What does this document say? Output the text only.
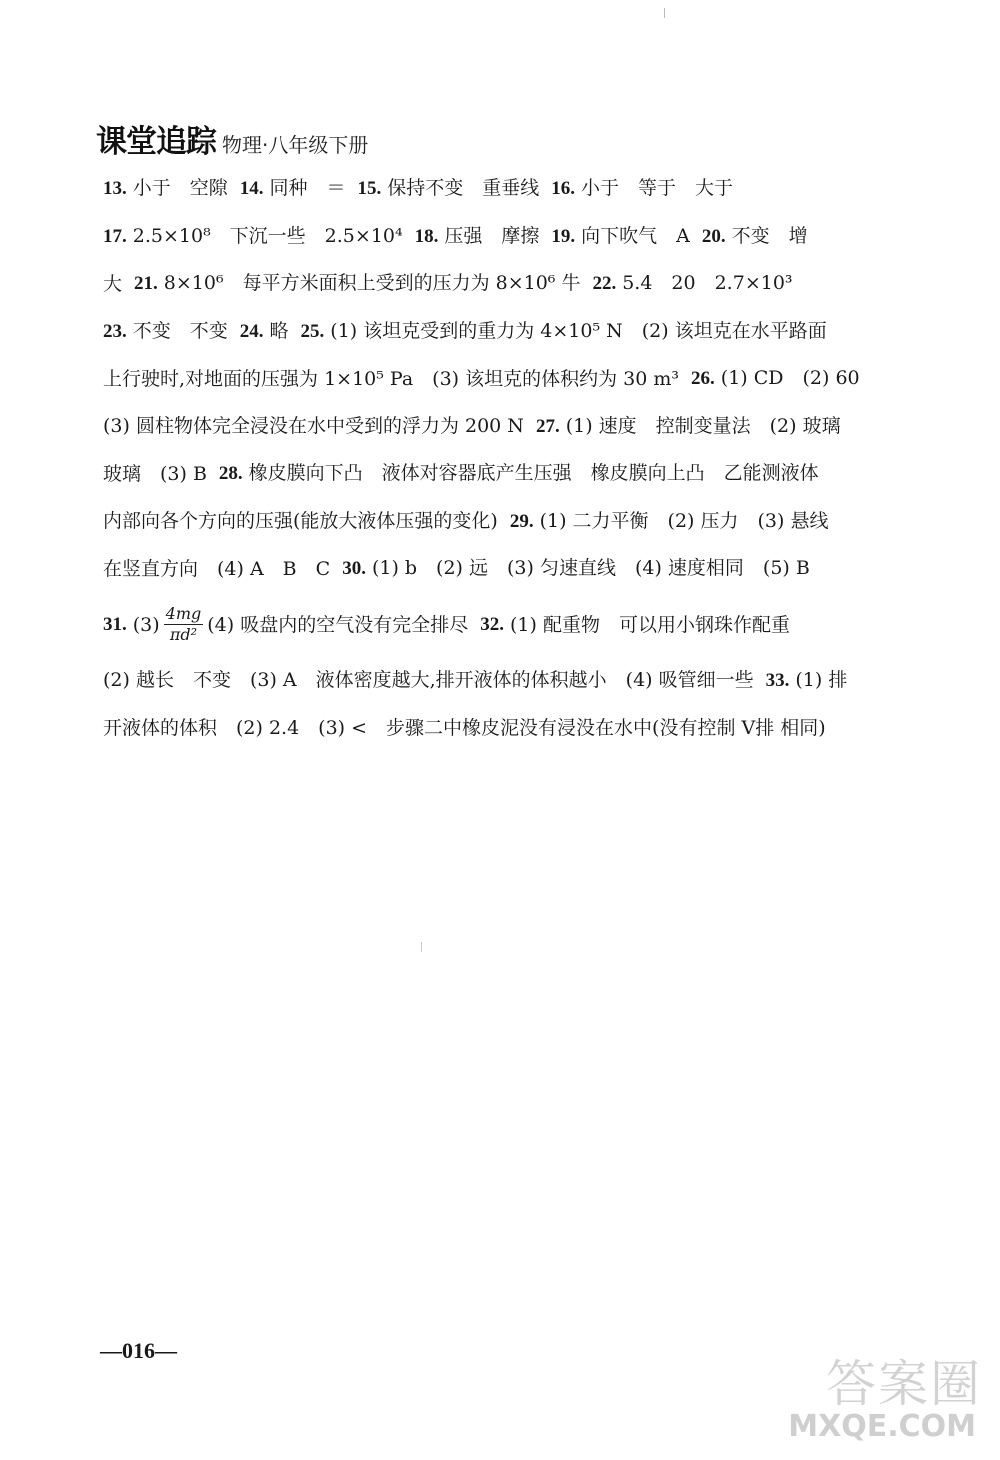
课堂追踪 物理·八年级下册
13. 小于　空隙 14. 同种　＝ 15. 保持不变　重垂线 16. 小于　等于　大于
17. 2.5×10⁸　下沉一些　2.5×10⁴ 18. 压强　摩擦 19. 向下吹气　A 20. 不变　增
大 21. 8×10⁶　每平方米面积上受到的压力为 8×10⁶ 牛 22. 5.4　20　2.7×10³
23. 不变　不变 24. 略 25. (1) 该坦克受到的重力为 4×10⁵ N　(2) 该坦克在水平路面
上行驶时,对地面的压强为 1×10⁵ Pa　(3) 该坦克的体积约为 30 m³ 26. (1) CD　(2) 60
(3) 圆柱物体完全浸没在水中受到的浮力为 200 N 27. (1) 速度　控制变量法　(2) 玻璃
玻璃　(3) B 28. 橡皮膜向下凸　液体对容器底产生压强　橡皮膜向上凸　乙能测液体
内部向各个方向的压强(能放大液体压强的变化) 29. (1) 二力平衡　(2) 压力　(3) 悬线
在竖直方向　(4) A　B　C 30. (1) b　(2) 远　(3) 匀速直线　(4) 速度相同　(5) B
31. $(3) \frac{4mg}{\text{πd²}} (4)$ 吸盘内的空气没有完全排尽 32. (1) 配重物　可以用小钢珠作配重
(2) 越长　不变　(3) A　液体密度越大,排开液体的体积越小　(4) 吸管细一些 33. (1) 排
开液体的体积　(2) 2.4　(3) <　步骤二中橡皮泥没有浸没在水中(没有控制 V排 相同)
—016—
答案圈
MXQE.COM
